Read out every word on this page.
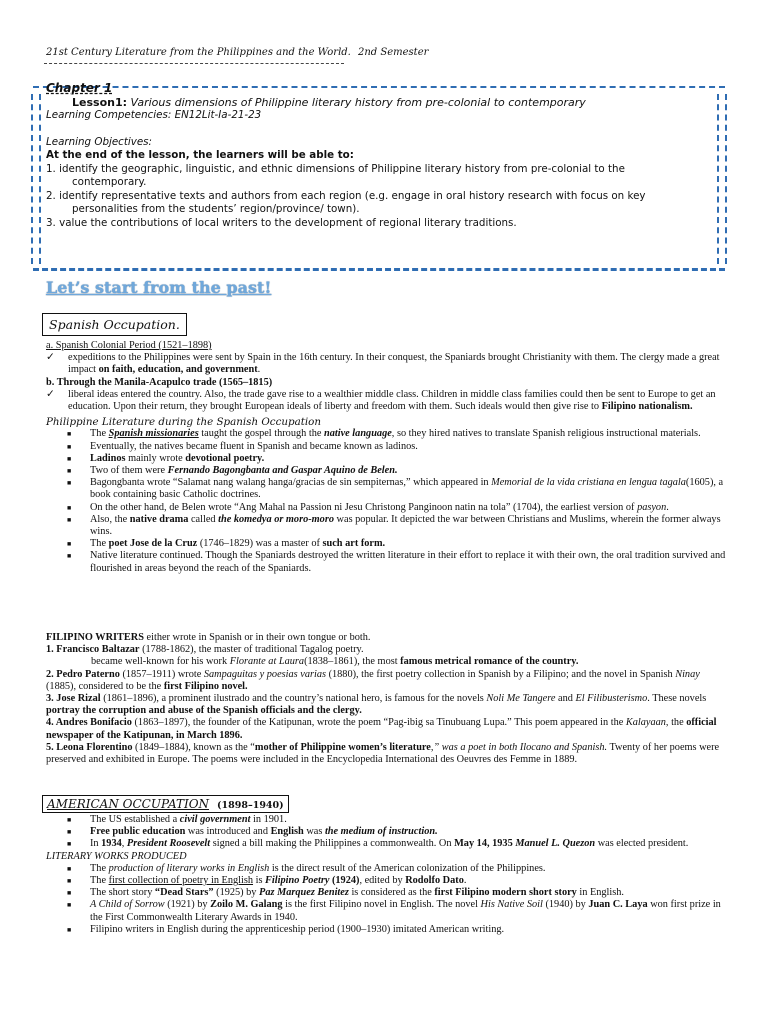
21st Century Literature from the Philippines and the World. 2nd Semester
Chapter 1
Lesson1: Various dimensions of Philippine literary history from pre-colonial to contemporary
Learning Competencies: EN12Lit-Ia-21-23
Learning Objectives:
At the end of the lesson, the learners will be able to:
1. identify the geographic, linguistic, and ethnic dimensions of Philippine literary history from pre-colonial to the
contemporary.
2. identify representative texts and authors from each region (e.g. engage in oral history research with focus on key
personalities from the students’ region/province/ town).
3. value the contributions of local writers to the development of regional literary traditions.
Let’s start from the past!
Spanish Occupation.

a. Spanish Colonial Period (1521–1898)

✓ expeditions to the Philippines were sent by Spain in the 16th century. In their conquest, the Spaniards brought Christianity with them. The clergy made a great impact on faith, education, and government.

b. Through the Manila-Acapulco trade (1565–1815)

✓ liberal ideas entered the country. Also, the trade gave rise to a wealthier middle class. Children in middle class families could then be sent to Europe to get an education. Upon their return, they brought European ideals of liberty and freedom with them. Such ideals would then give rise to Filipino nationalism.

Philippine Literature during the Spanish Occupation

■ The Spanish missionaries taught the gospel through the native language, so they hired natives to translate Spanish religious instructional materials.
■ Eventually, the natives became fluent in Spanish and became known as ladinos.
■ Ladinos mainly wrote devotional poetry.
■ Two of them were Fernando Bagongbanta and Gaspar Aquino de Belen.
■ Bagongbanta wrote “Salamat nang walang hanga/gracias de sin sempiternas,” which appeared in Memorial de la vida cristiana en lengua tagala(1605), a book containing basic Catholic doctrines.
■ On the other hand, de Belen wrote “Ang Mahal na Passion ni Jesu Christong Panginoon natin na tola” (1704), the earliest version of pasyon.
■ Also, the native drama called the komedya or moro-moro was popular. It depicted the war between Christians and Muslims, wherein the former always wins.
■ The poet Jose de la Cruz (1746–1829) was a master of such art form.
■ Native literature continued. Though the Spaniards destroyed the written literature in their effort to replace it with their own, the oral tradition survived and flourished in areas beyond the reach of the Spaniards.

FILIPINO WRITERS either wrote in Spanish or in their own tongue or both.

1. Francisco Baltazar (1788-1862), the master of traditional Tagalog poetry.

became well-known for his work Florante at Laura(1838–1861), the most famous metrical romance of the country.

2. Pedro Paterno (1857–1911) wrote Sampaguitas y poesias varias (1880), the first poetry collection in Spanish by a Filipino; and the novel in Spanish Ninay (1885), considered to be the first Filipino novel.

3. Jose Rizal (1861–1896), a prominent ilustrado and the country’s national hero, is famous for the novels Noli Me Tangere and El Filibusterismo. These novels portray the corruption and abuse of the Spanish officials and the clergy.

4. Andres Bonifacio (1863–1897), the founder of the Katipunan, wrote the poem “Pag-ibig sa Tinubuang Lupa.” This poem appeared in the Kalayaan, the official newspaper of the Katipunan, in March 1896.

5. Leona Florentino (1849–1884), known as the “mother of Philippine women’s literature,” was a poet in both Ilocano and Spanish. Twenty of her poems were preserved and exhibited in Europe. The poems were included in the Encyclopedia International des Oeuvres des Femme in 1889.

AMERICAN OCCUPATION (1898–1940)
■ The US established a civil government in 1901.
■ Free public education was introduced and English was the medium of instruction.
■ In 1934, President Roosevelt signed a bill making the Philippines a commonwealth. On May 14, 1935 Manuel L. Quezon was elected president.

LITERARY WORKS PRODUCED

■ The production of literary works in English is the direct result of the American colonization of the Philippines.
■ The first collection of poetry in English is Filipino Poetry (1924), edited by Rodolfo Dato.
■ The short story “Dead Stars” (1925) by Paz Marquez Benitez is considered as the first Filipino modern short story in English.
■ A Child of Sorrow (1921) by Zoilo M. Galang is the first Filipino novel in English. The novel His Native Soil (1940) by Juan C. Laya won first prize in the First Commonwealth Literary Awards in 1940.
■ Filipino writers in English during the apprenticeship period (1900–1930) imitated American writing.
